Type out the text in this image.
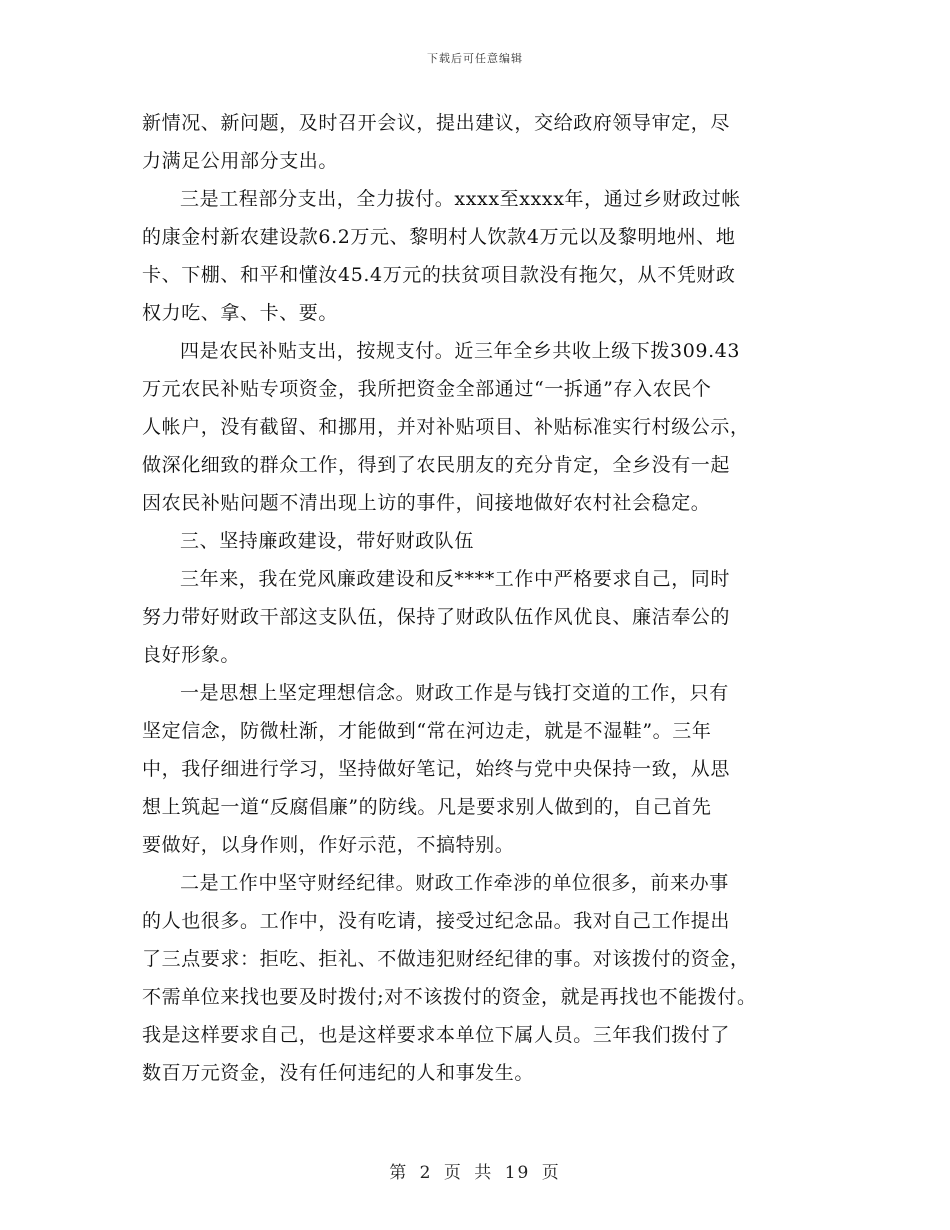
下载后可任意编辑
新情况、新问题，及时召开会议，提出建议，交给政府领导审定，尽
力满足公用部分支出。
三是工程部分支出，全力拔付。xxxx至xxxx年，通过乡财政过帐
的康金村新农建设款6.2万元、黎明村人饮款4万元以及黎明地州、地
卡、下棚、和平和懂汝45.4万元的扶贫项目款没有拖欠，从不凭财政
权力吃、拿、卡、要。
四是农民补贴支出，按规支付。近三年全乡共收上级下拨309.43
万元农民补贴专项资金，我所把资金全部通过“一拆通”存入农民个
人帐户，没有截留、和挪用，并对补贴项目、补贴标准实行村级公示，
做深化细致的群众工作，得到了农民朋友的充分肯定，全乡没有一起
因农民补贴问题不清出现上访的事件，间接地做好农村社会稳定。
三、坚持廉政建设，带好财政队伍
三年来，我在党风廉政建设和反****工作中严格要求自己，同时
努力带好财政干部这支队伍，保持了财政队伍作风优良、廉洁奉公的
良好形象。
一是思想上坚定理想信念。财政工作是与钱打交道的工作，只有
坚定信念，防微杜渐，才能做到“常在河边走，就是不湿鞋”。三年
中，我仔细进行学习，坚持做好笔记，始终与党中央保持一致，从思
想上筑起一道“反腐倡廉”的防线。凡是要求别人做到的，自己首先
要做好，以身作则，作好示范，不搞特别。
二是工作中坚守财经纪律。财政工作牵涉的单位很多，前来办事
的人也很多。工作中，没有吃请，接受过纪念品。我对自己工作提出
了三点要求：拒吃、拒礼、不做违犯财经纪律的事。对该拨付的资金，
不需单位来找也要及时拨付;对不该拨付的资金，就是再找也不能拨付。
我是这样要求自己，也是这样要求本单位下属人员。三年我们拨付了
数百万元资金，没有任何违纪的人和事发生。
第 2 页 共 19 页
